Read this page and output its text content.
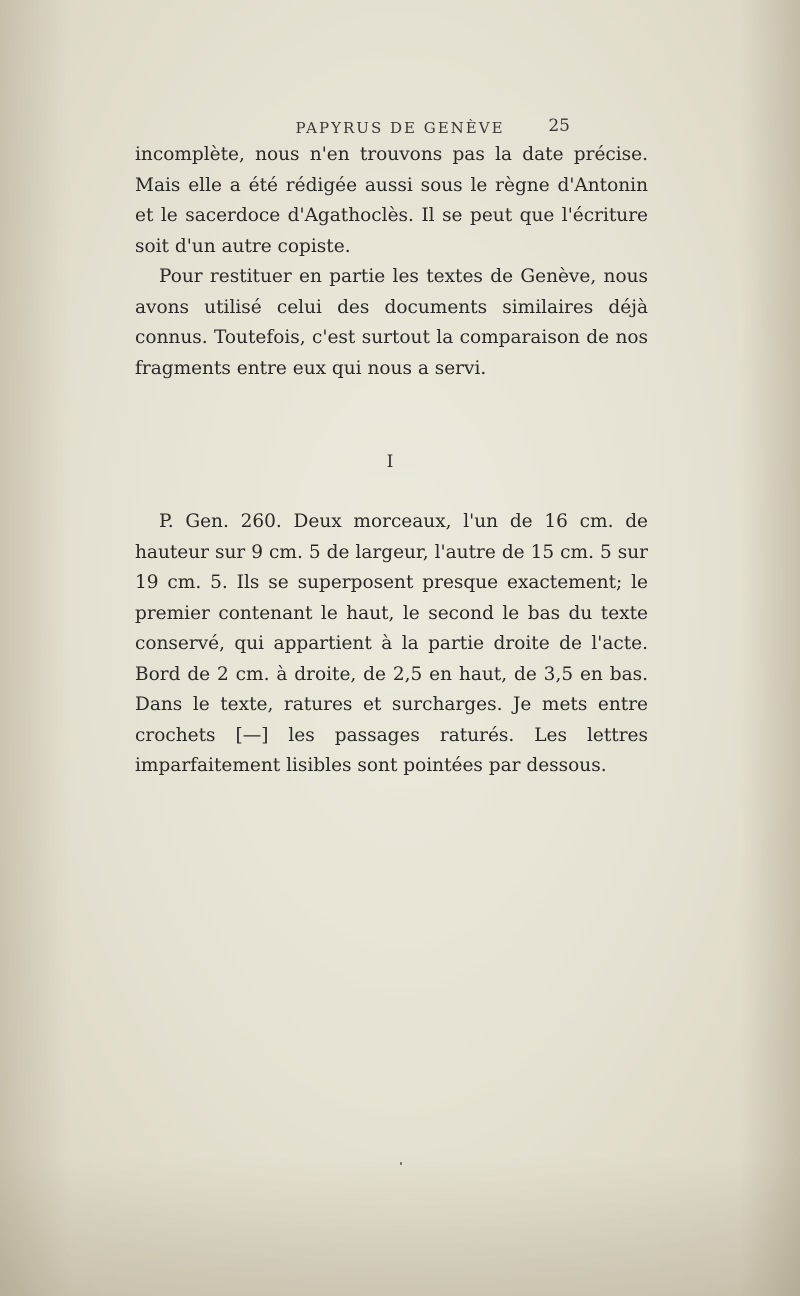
PAPYRUS DE GENÈVE	25

incomplète, nous n'en trouvons pas la date précise. Mais elle a été rédigée aussi sous le règne d'Antonin et le sacerdoce d'Agathoclès. Il se peut que l'écriture soit d'un autre copiste.

Pour restituer en partie les textes de Genève, nous avons utilisé celui des documents similaires déjà connus. Toutefois, c'est surtout la comparaison de nos fragments entre eux qui nous a servi.

I

P. Gen. 260. Deux morceaux, l'un de 16 cm. de hauteur sur 9 cm. 5 de largeur, l'autre de 15 cm. 5 sur 19 cm. 5. Ils se superposent presque exactement; le premier contenant le haut, le second le bas du texte conservé, qui appartient à la partie droite de l'acte. Bord de 2 cm. à droite, de 2,5 en haut, de 3,5 en bas. Dans le texte, ratures et surcharges. Je mets entre crochets [—] les passages raturés. Les lettres imparfaitement lisibles sont pointées par dessous.
